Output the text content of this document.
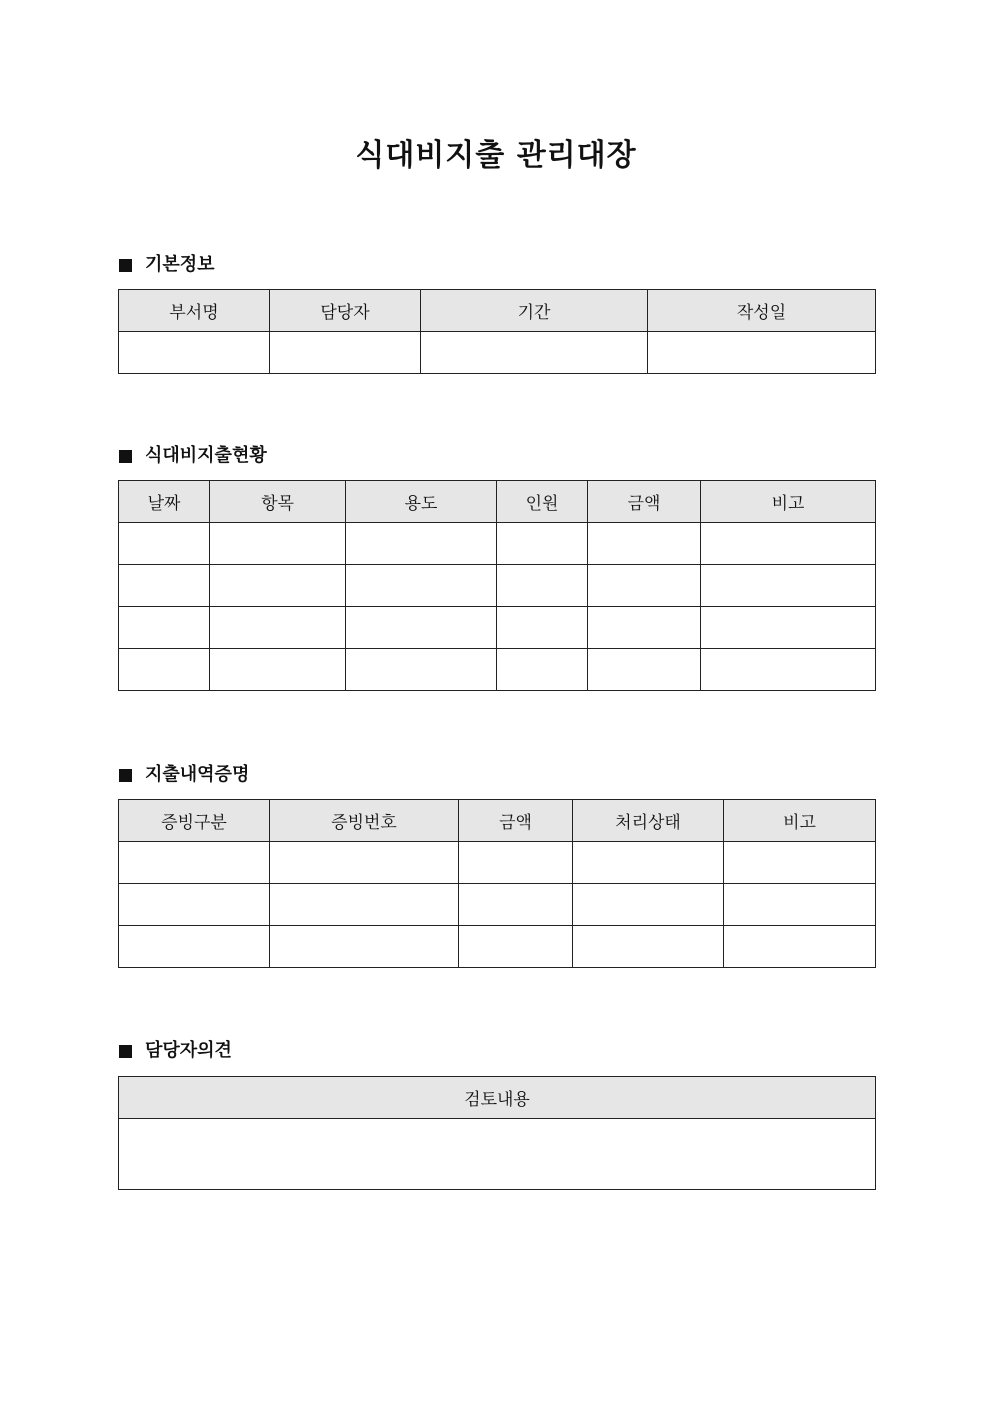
식대비지출 관리대장
기본정보
부서명	담당자	기간	작성일

식대비지출현황
날짜	항목	용도	인원	금액	비고

지출내역증명
증빙구분	증빙번호	금액	처리상태	비고

담당자의견
검토내용
